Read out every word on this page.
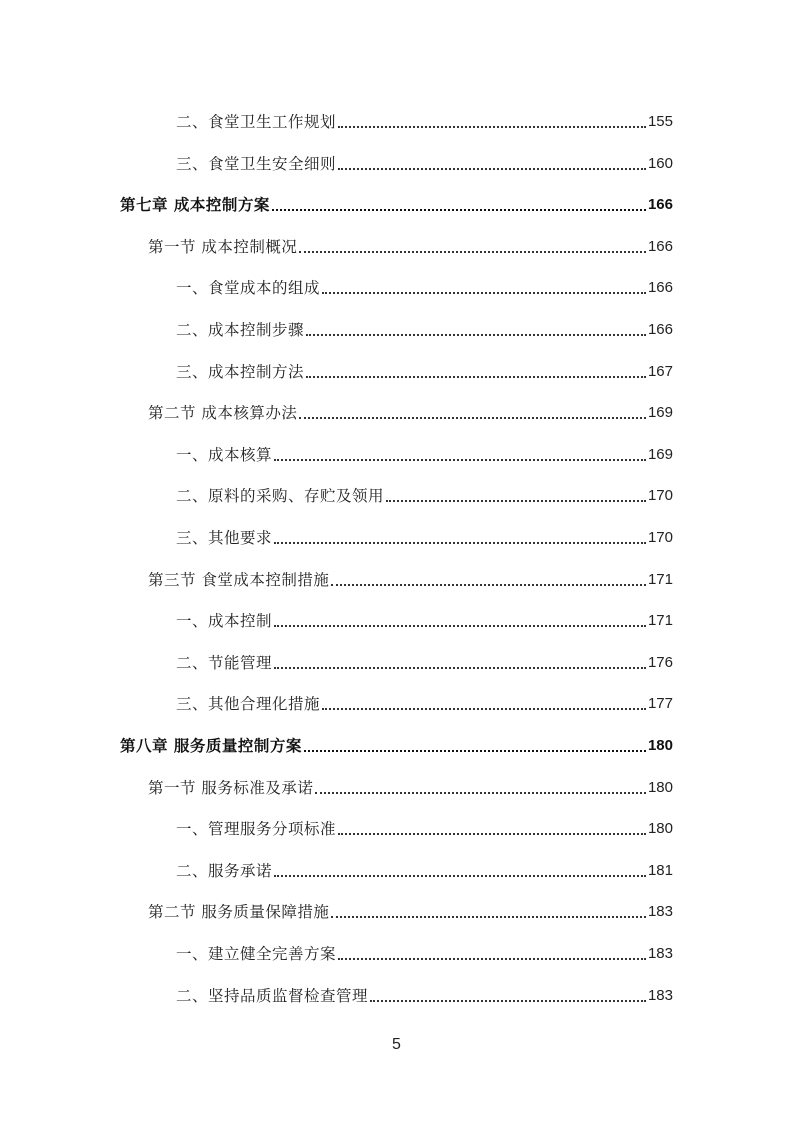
二、食堂卫生工作规划	155
三、食堂卫生安全细则	160
第七章 成本控制方案	166
第一节 成本控制概况	166
一、食堂成本的组成	166
二、成本控制步骤	166
三、成本控制方法	167
第二节 成本核算办法	169
一、成本核算	169
二、原料的采购、存贮及领用	170
三、其他要求	170
第三节 食堂成本控制措施	171
一、成本控制	171
二、节能管理	176
三、其他合理化措施	177
第八章 服务质量控制方案	180
第一节 服务标准及承诺	180
一、管理服务分项标准	180
二、服务承诺	181
第二节 服务质量保障措施	183
一、建立健全完善方案	183
二、坚持品质监督检查管理	183
5
